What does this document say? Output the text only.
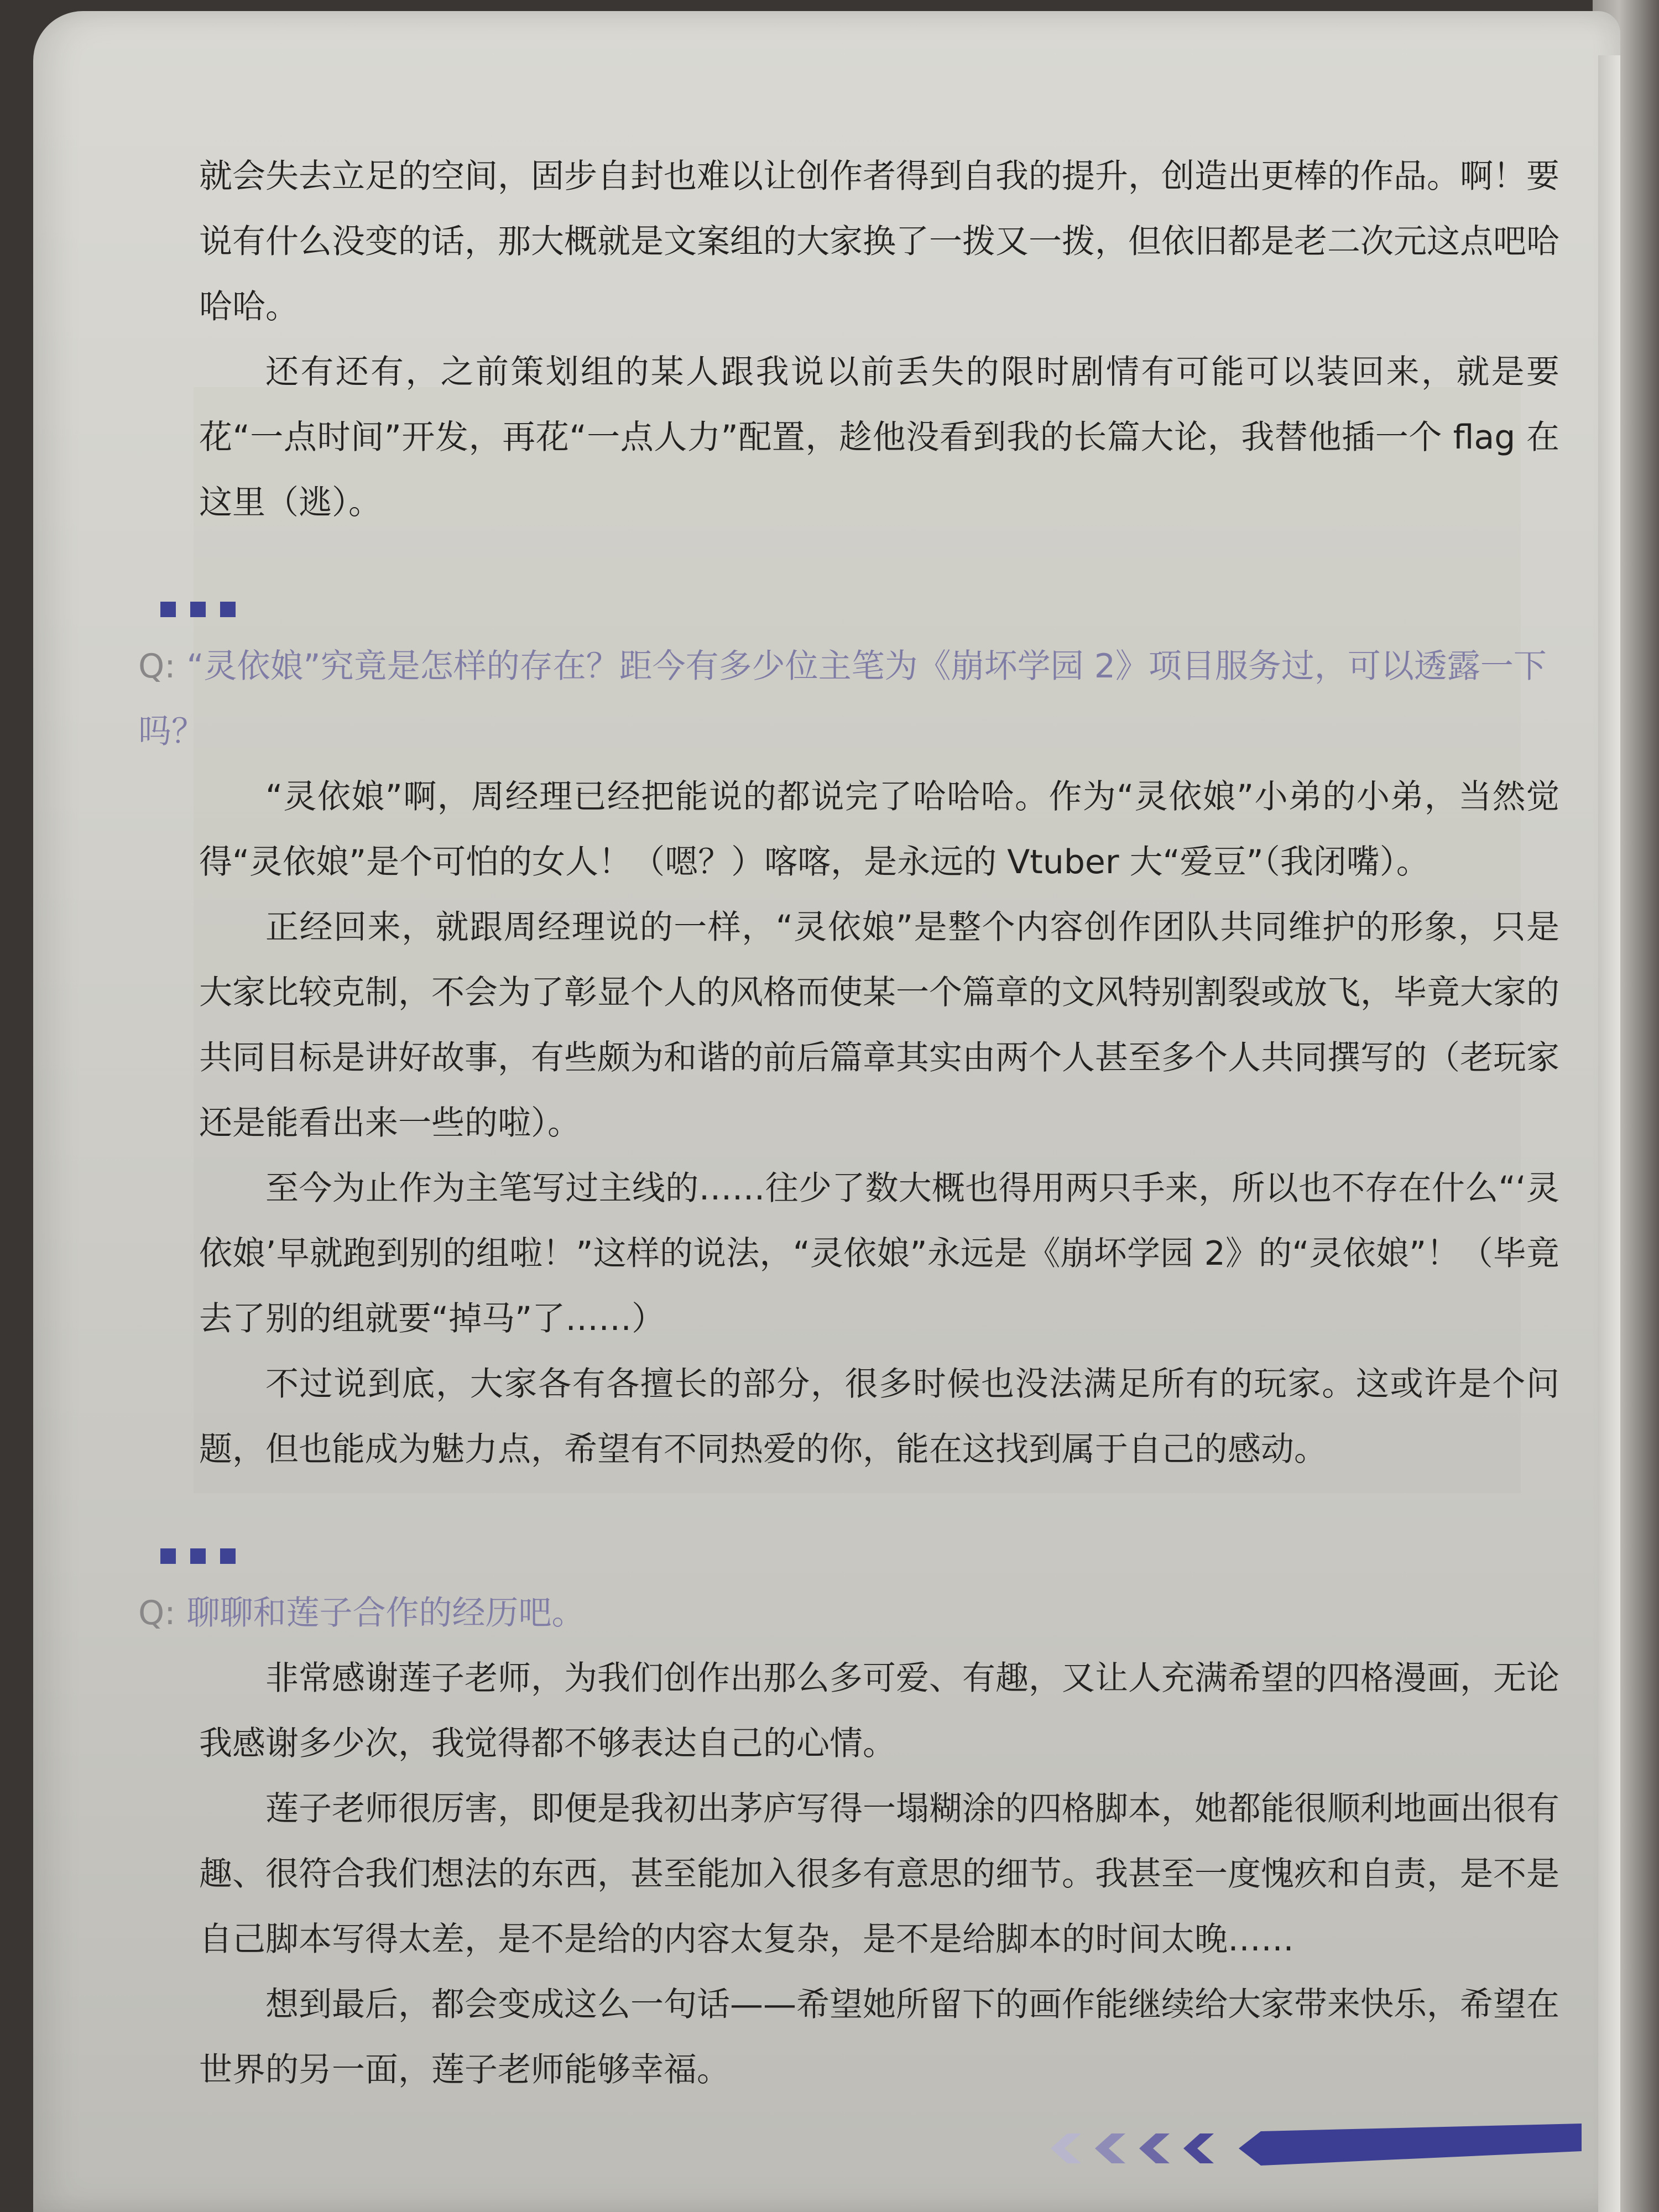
就会失去立足的空间，固步自封也难以让创作者得到自我的提升，创造出更棒的作品。啊！要说有什么没变的话，那大概就是文案组的大家换了一拨又一拨，但依旧都是老二次元这点吧哈哈哈。

还有还有，之前策划组的某人跟我说以前丢失的限时剧情有可能可以装回来，就是要花“一点时间”开发，再花“一点人力”配置，趁他没看到我的长篇大论，我替他插一个 flag 在这里（逃）。

Q: “灵依娘”究竟是怎样的存在？距今有多少位主笔为《崩坏学园 2》项目服务过，可以透露一下吗？

“灵依娘”啊，周经理已经把能说的都说完了哈哈哈。作为“灵依娘”小弟的小弟，当然觉得“灵依娘”是个可怕的女人！（嗯？）喀喀，是永远的 Vtuber 大“爱豆”（我闭嘴）。

正经回来，就跟周经理说的一样，“灵依娘”是整个内容创作团队共同维护的形象，只是大家比较克制，不会为了彰显个人的风格而使某一个篇章的文风特别割裂或放飞，毕竟大家的共同目标是讲好故事，有些颇为和谐的前后篇章其实由两个人甚至多个人共同撰写的（老玩家还是能看出来一些的啦）。

至今为止作为主笔写过主线的……往少了数大概也得用两只手来，所以也不存在什么“‘灵依娘’早就跑到别的组啦！”这样的说法，“灵依娘”永远是《崩坏学园 2》的“灵依娘”！（毕竟去了别的组就要“掉马”了……）

不过说到底，大家各有各擅长的部分，很多时候也没法满足所有的玩家。这或许是个问题，但也能成为魅力点，希望有不同热爱的你，能在这找到属于自己的感动。

Q: 聊聊和莲子合作的经历吧。

非常感谢莲子老师，为我们创作出那么多可爱、有趣，又让人充满希望的四格漫画，无论我感谢多少次，我觉得都不够表达自己的心情。

莲子老师很厉害，即便是我初出茅庐写得一塌糊涂的四格脚本，她都能很顺利地画出很有趣、很符合我们想法的东西，甚至能加入很多有意思的细节。我甚至一度愧疚和自责，是不是自己脚本写得太差，是不是给的内容太复杂，是不是给脚本的时间太晚……

想到最后，都会变成这么一句话——希望她所留下的画作能继续给大家带来快乐，希望在世界的另一面，莲子老师能够幸福。
